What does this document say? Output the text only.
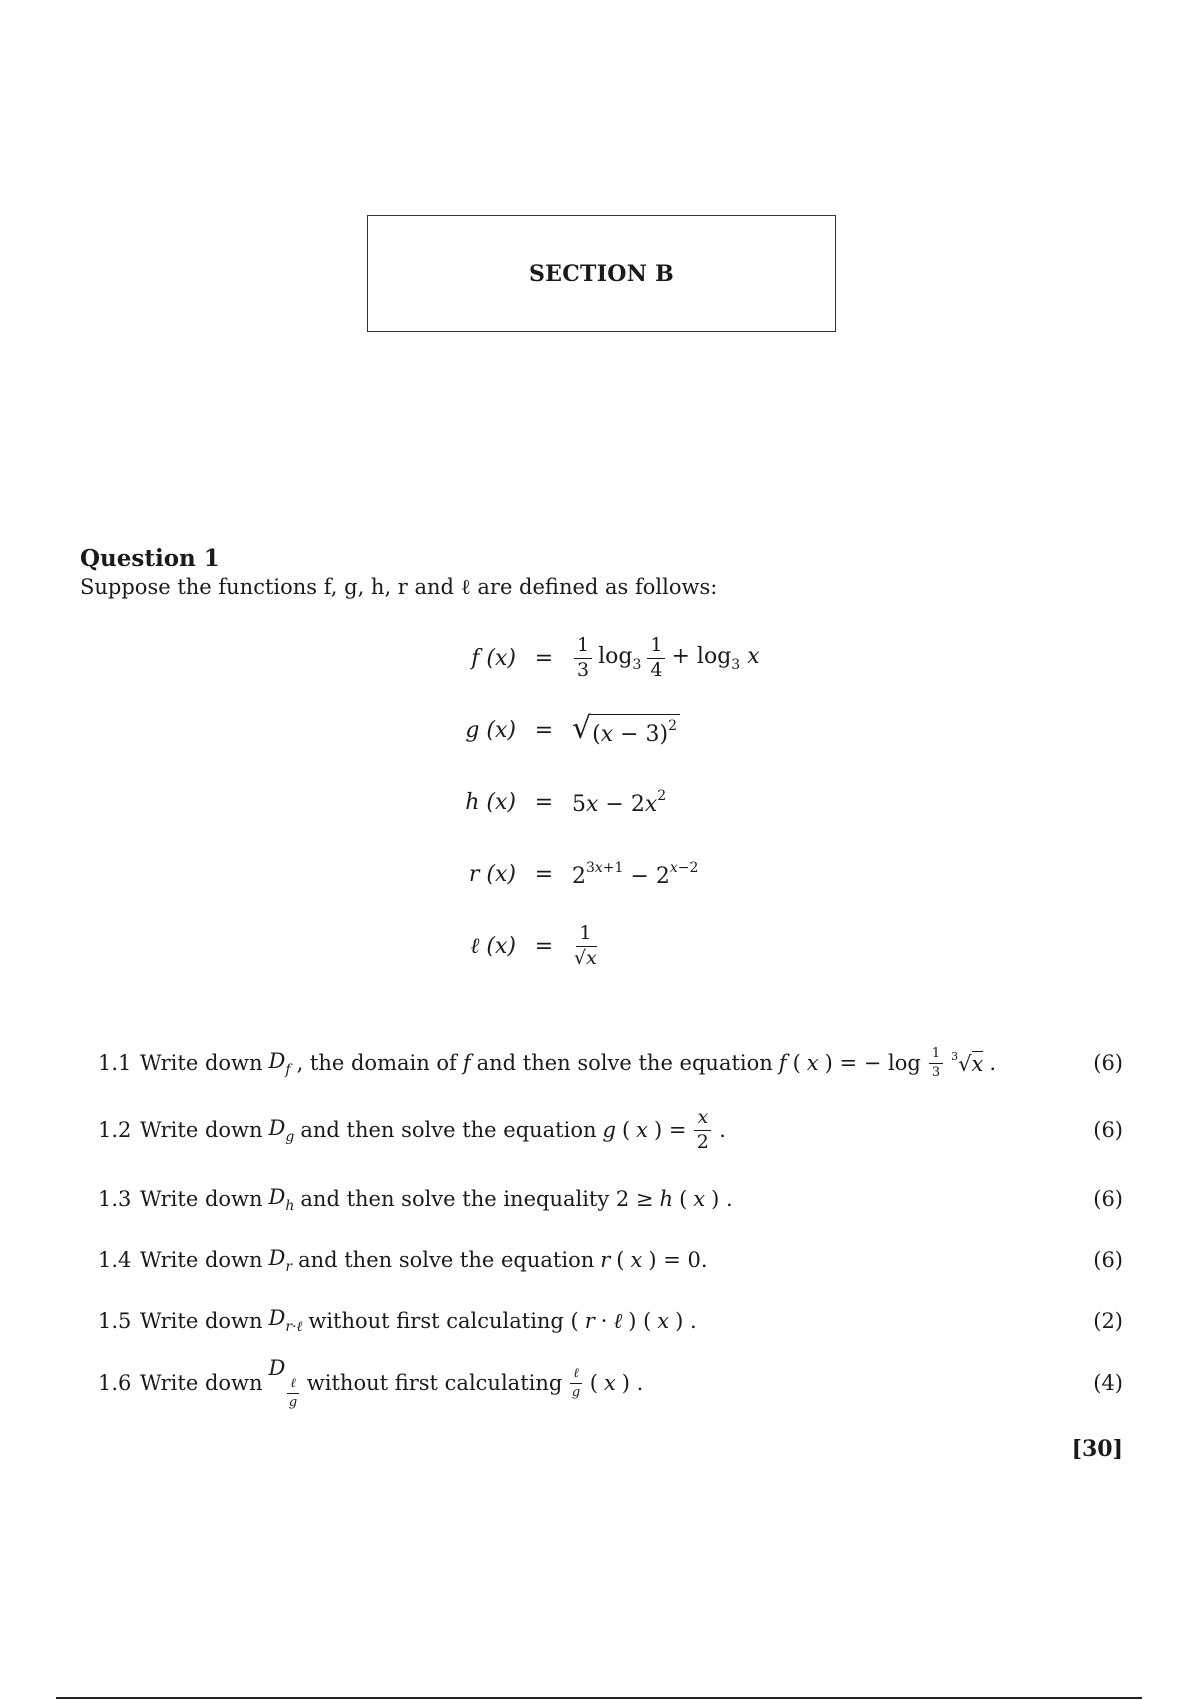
SECTION B
Question 1
Suppose the functions f, g, h, r and ℓ are defined as follows:
f (x) =	$\frac{1}{3} \log_3 \frac{1}{4} + \log_3 x$
g (x) = √ $(x - 3)^2$
h $(x) = 5x - 2x^2$
r $(x) = 2^{3x+1} - 2^{x-2}$
ℓ (x) =	$\frac{1}{√x}$
1.1 Write down $D_f$ , the domain of f and then solve the equation f ( x ) = − $\log \frac{1}{3} ^3√x$ .	(6)
1.2 Write down $D_g$ and then solve the equation g ( x ) = $\frac{x}{2}$ .	(6)
1.3 Write down $D_h$ and then solve the inequality 2 ≥ h ( x ) .	(6)
1.4 Write down $D_r$ and then solve the equation r ( x ) = 0.	(6)
1.5 Write down $D_{r\cdot\ell}$ without first calculating ( r · ℓ ) ( x ) .	(2)
1.6 Write down
D
$\frac{\text{ℓ}}{g}$ without first calculating $\frac{\text{ℓ}}{g}$ ( x ) .	(4)
[30]
